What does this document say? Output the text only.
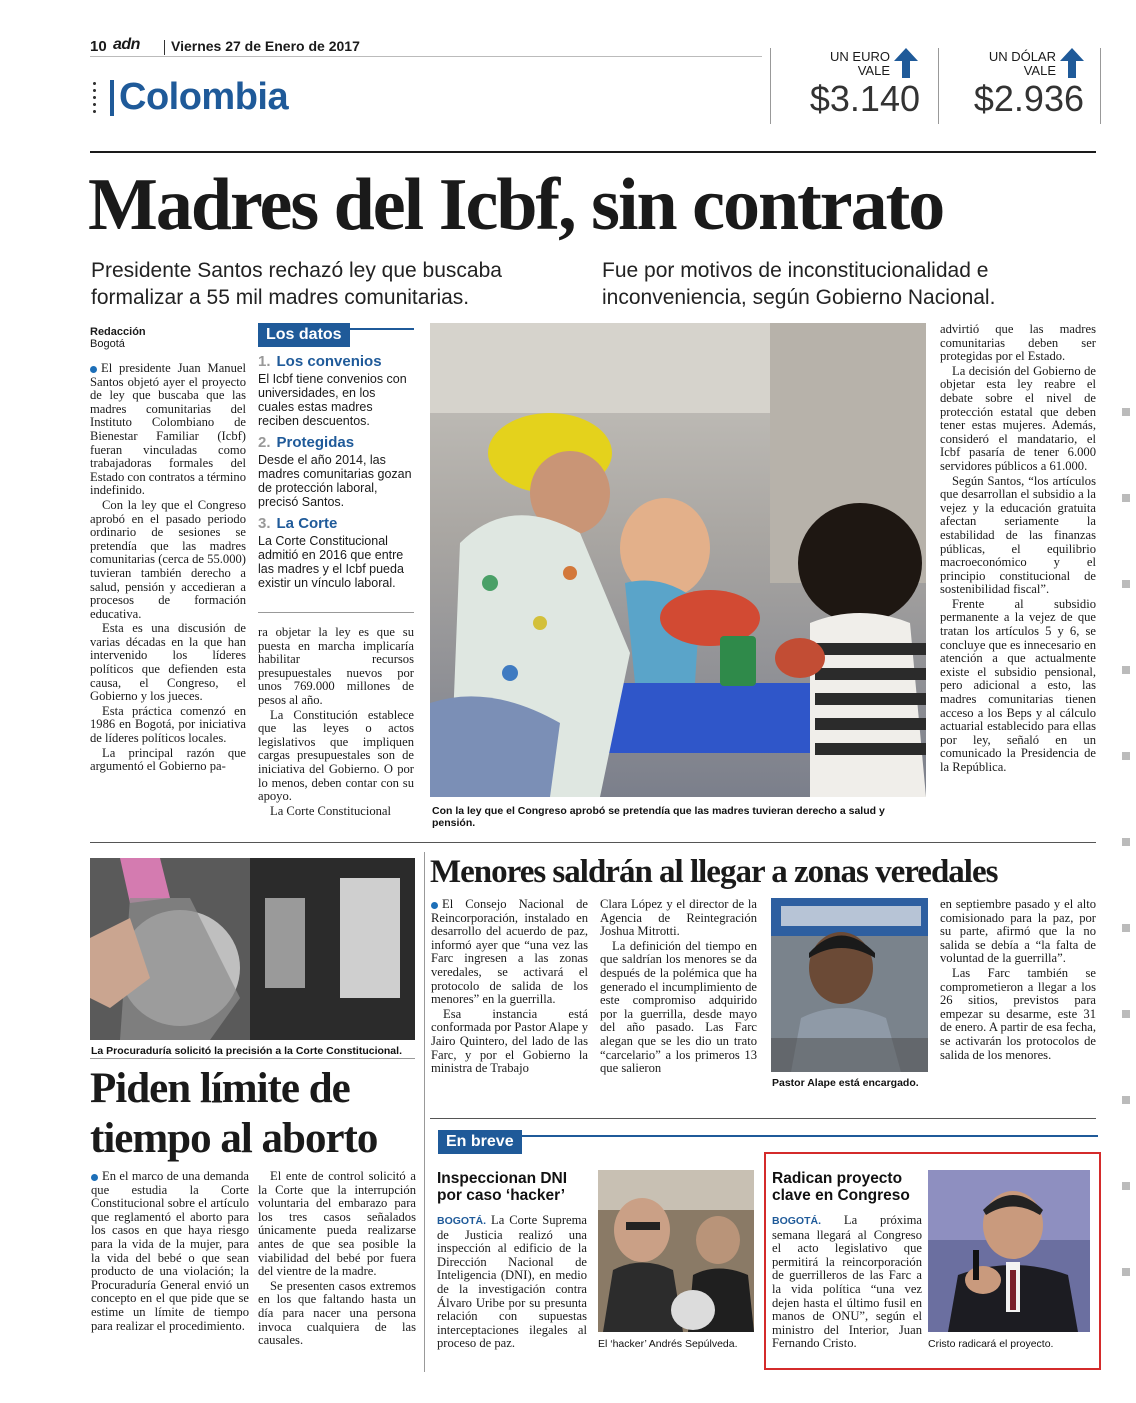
10 adn Viernes 27 de Enero de 2017
Colombia
UN EURO VALE
$3.140
UN DÓLAR VALE
$2.936
Madres del Icbf, sin contrato
Presidente Santos rechazó ley que buscaba formalizar a 55 mil madres comunitarias.
Fue por motivos de inconstitucionalidad e inconveniencia, según Gobierno Nacional.
Redacción
Bogotá

El presidente Juan Manuel Santos objetó ayer el proyecto de ley que buscaba que las madres comunitarias del Instituto Colombiano de Bienestar Familiar (Icbf) fueran vinculadas como trabajadoras formales del Estado con contratos a término indefinido.

Con la ley que el Congreso aprobó en el pasado periodo ordinario de sesiones se pretendía que las madres comunitarias (cerca de 55.000) tuvieran también derecho a salud, pensión y accedieran a procesos de formación educativa.

Esta es una discusión de varias décadas en la que han intervenido los líderes políticos que defienden esta causa, el Congreso, el Gobierno y los jueces.

Esta práctica comenzó en 1986 en Bogotá, por iniciativa de líderes políticos locales.

La principal razón que argumentó el Gobierno pa-

Los datos
1. Los convenios
El Icbf tiene convenios con universidades, en los cuales estas madres reciben descuentos.
2. Protegidas
Desde el año 2014, las madres comunitarias gozan de protección laboral, precisó Santos.
3. La Corte
La Corte Constitucional admitió en 2016 que entre las madres y el Icbf pueda existir un vínculo laboral.

ra objetar la ley es que su puesta en marcha implicaría habilitar recursos presupuestales nuevos por unos 769.000 millones de pesos al año.

La Constitución establece que las leyes o actos legislativos que impliquen cargas presupuestales son de iniciativa del Gobierno. O por lo menos, deben contar con su apoyo.

La Corte Constitucional	Con la ley que el Congreso aprobó se pretendía que las madres tuvieran derecho a salud y pensión.

advirtió que las madres comunitarias deben ser protegidas por el Estado.

La decisión del Gobierno de objetar esta ley reabre el debate sobre el nivel de protección estatal que deben tener estas mujeres. Además, consideró el mandatario, el Icbf pasaría de tener 6.000 servidores públicos a 61.000.

Según Santos, “los artículos que desarrollan el subsidio a la vejez y la educación gratuita afectan seriamente la estabilidad de las finanzas públicas, el equilibrio macroeconómico y el principio constitucional de sostenibilidad fiscal”.

Frente al subsidio permanente a la vejez de que tratan los artículos 5 y 6, se concluye que es innecesario en atención a que actualmente existe el subsidio pensional, pero adicional a esto, las madres comunitarias tienen acceso a los Beps y al cálculo actuarial establecido para ellas por ley, señaló en un comunicado la Presidencia de la República.

La Procuraduría solicitó la precisión a la Corte Constitucional.
Piden límite de tiempo al aborto

En el marco de una demanda que estudia la Corte Constitucional sobre el artículo que reglamentó el aborto para los casos en que haya riesgo para la vida de la mujer, para la vida del bebé o que sean producto de una violación; la Procuraduría General envió un concepto en el que pide que se estime un límite de tiempo para realizar el procedimiento.

El ente de control solicitó a la Corte que la interrupción voluntaria del embarazo para los tres casos señalados únicamente pueda realizarse antes de que sea posible la viabilidad del bebé por fuera del vientre de la madre.

Se presenten casos extremos en los que faltando hasta un día para nacer una persona invoca cualquiera de las causales.

Menores saldrán al llegar a zonas veredales

El Consejo Nacional de Reincorporación, instalado en desarrollo del acuerdo de paz, informó ayer que “una vez las Farc ingresen a las zonas veredales, se activará el protocolo de salida de los menores” en la guerrilla.

Esa instancia está conformada por Pastor Alape y Jairo Quintero, del lado de las Farc, y por el Gobierno la ministra de Trabajo

Clara López y el director de la Agencia de Reintegración Joshua Mitrotti.

La definición del tiempo en que saldrían los menores se da después de la polémica que ha generado el incumplimiento de este compromiso adquirido por la guerrilla, desde mayo del año pasado. Las Farc alegan que se les dio un trato “carcelario” a los primeros 13 que salieron

Pastor Alape está encargado.

en septiembre pasado y el alto comisionado para la paz, por su parte, afirmó que la no salida se debía a “la falta de voluntad de la guerrilla”.

Las Farc también se comprometieron a llegar a los 26 sitios, previstos para empezar su desarme, este 31 de enero. A partir de esa fecha, se activarán los protocolos de salida de los menores.

En breve
Inspeccionan DNI por caso ‘hacker’

BOGOTÁ. La Corte Suprema de Justicia realizó una inspección al edificio de la Dirección Nacional de Inteligencia (DNI), en medio de la investigación contra Álvaro Uribe por su presunta relación con supuestas interceptaciones ilegales al proceso de paz.	El ‘hacker’ Andrés Sepúlveda.
Radican proyecto clave en Congreso

BOGOTÁ. La próxima semana llegará al Congreso el acto legislativo que permitirá la reincorporación de guerrilleros de las Farc a la vida política “una vez dejen hasta el último fusil en manos de ONU”, según el ministro del Interior, Juan Fernando Cristo.	Cristo radicará el proyecto.
